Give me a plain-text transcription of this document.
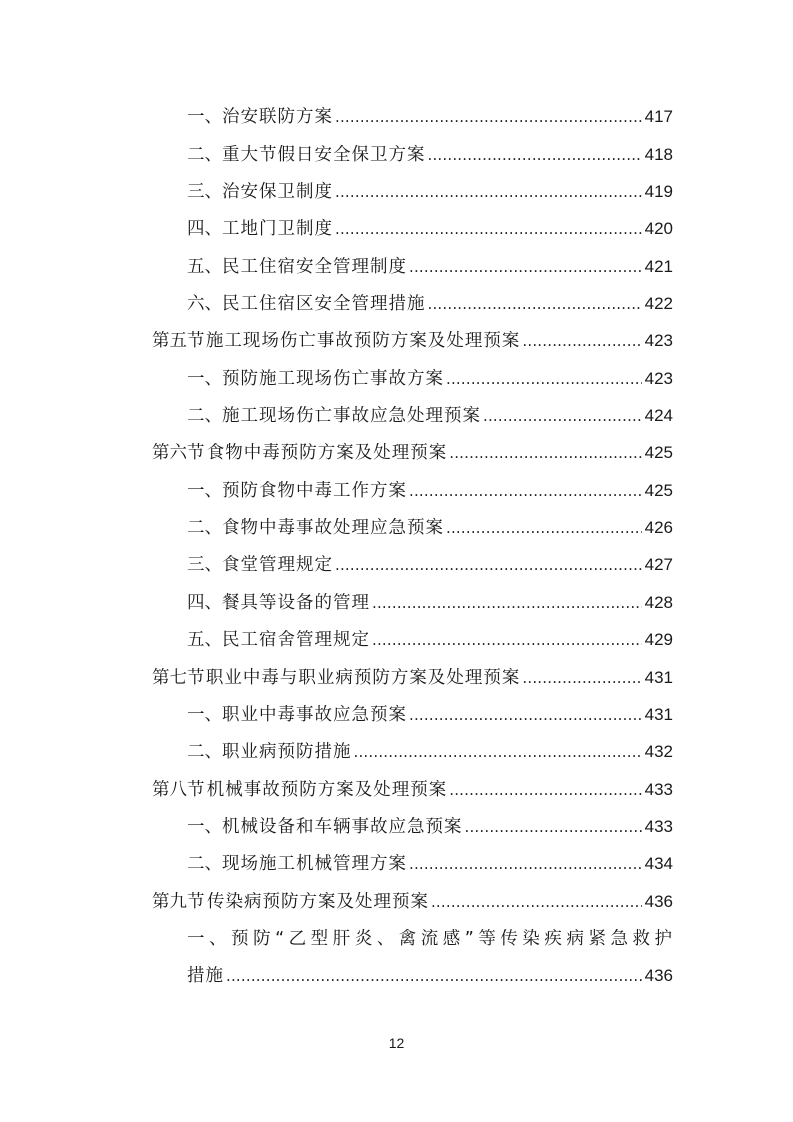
一、 治安联防方案 .....	417
二、 重大节假日安全保卫方案 .....	418
三、 治安保卫制度 .....	419
四、 工地门卫制度 .....	420
五、 民工住宿安全管理制度 .....	421
六、 民工住宿区安全管理措施 .....	422
第五节 施工现场伤亡事故预防方案及处理预案 .....	423
一、 预防施工现场伤亡事故方案 .....	423
二、 施工现场伤亡事故应急处理预案 .....	424
第六节 食物中毒预防方案及处理预案 .....	425
一、 预防食物中毒工作方案 .....	425
二、 食物中毒事故处理应急预案 .....	426
三、 食堂管理规定 .....	427
四、 餐具等设备的管理 .....	428
五、 民工宿舍管理规定 .....	429
第七节 职业中毒与职业病预防方案及处理预案 .....	431
一、 职业中毒事故应急预案 .....	431
二、 职业病预防措施 .....	432
第八节 机械事故预防方案及处理预案 .....	433
一、 机械设备和车辆事故应急预案 .....	433
二、 现场施工机械管理方案 .....	434
第九节 传染病预防方案及处理预案 .....	436
一、预防“乙型肝炎、禽流感”等传染疾病紧急救护
措施 .....	436
12
